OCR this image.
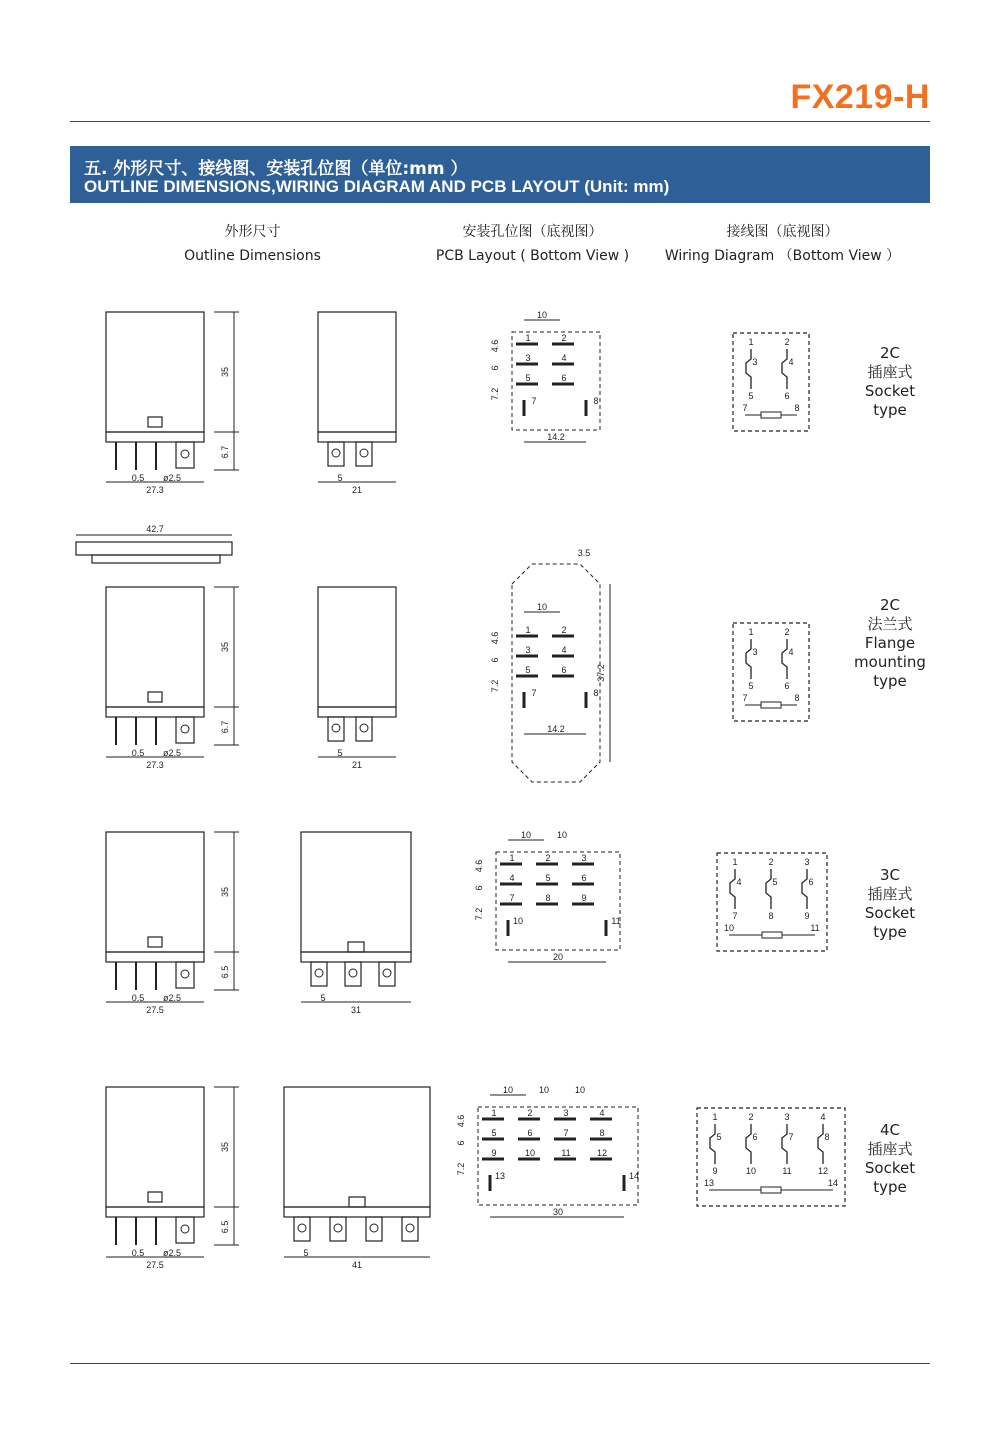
FX219-H
五. 外形尺寸、接线图、安装孔位图（单位:mm ）
OUTLINE DIMENSIONS,WIRING DIAGRAM AND PCB LAYOUT (Unit: mm)
外形尺寸
Outline Dimensions
安装孔位图（底视图）
PCB Layout ( Bottom View )
接线图（底视图）
Wiring Diagram （Bottom View ）
35
6.7
0.5 ø2.5
27.3
5
21
1	2
3	4
5	6
7	8
10
4.6
6
7.2
14.2
1	2
3	4
5	6
7	8
2C
插座式
Socket
type
42.7
35
6.7
0.5 ø2.5
27.3
5
21
37.2
3.5
1	2
3	4
5	6
7	8
10
4.6
6
7.2
14.2
1	2
3	4
5	6
7	8
2C
法兰式
Flange
mounting
type
35
6.5
0.5 ø2.5
27.5
5
31
1	2	3
4	5	6
7	8	9
10	11
10	10
4.6
6
7.2
20
1	2	3
4	5	6
7	8	9
10	11
3C
插座式
Socket
type
35
6.5
0.5 ø2.5
27.5
5
41
1	2	3	4
5	6	7	8
9	10	11	12
13	14
10	10	10
4.6
6
7.2
30
1	2	3	4
5	6	7	8
9	10	11	12
13	14
4C
插座式
Socket
type
